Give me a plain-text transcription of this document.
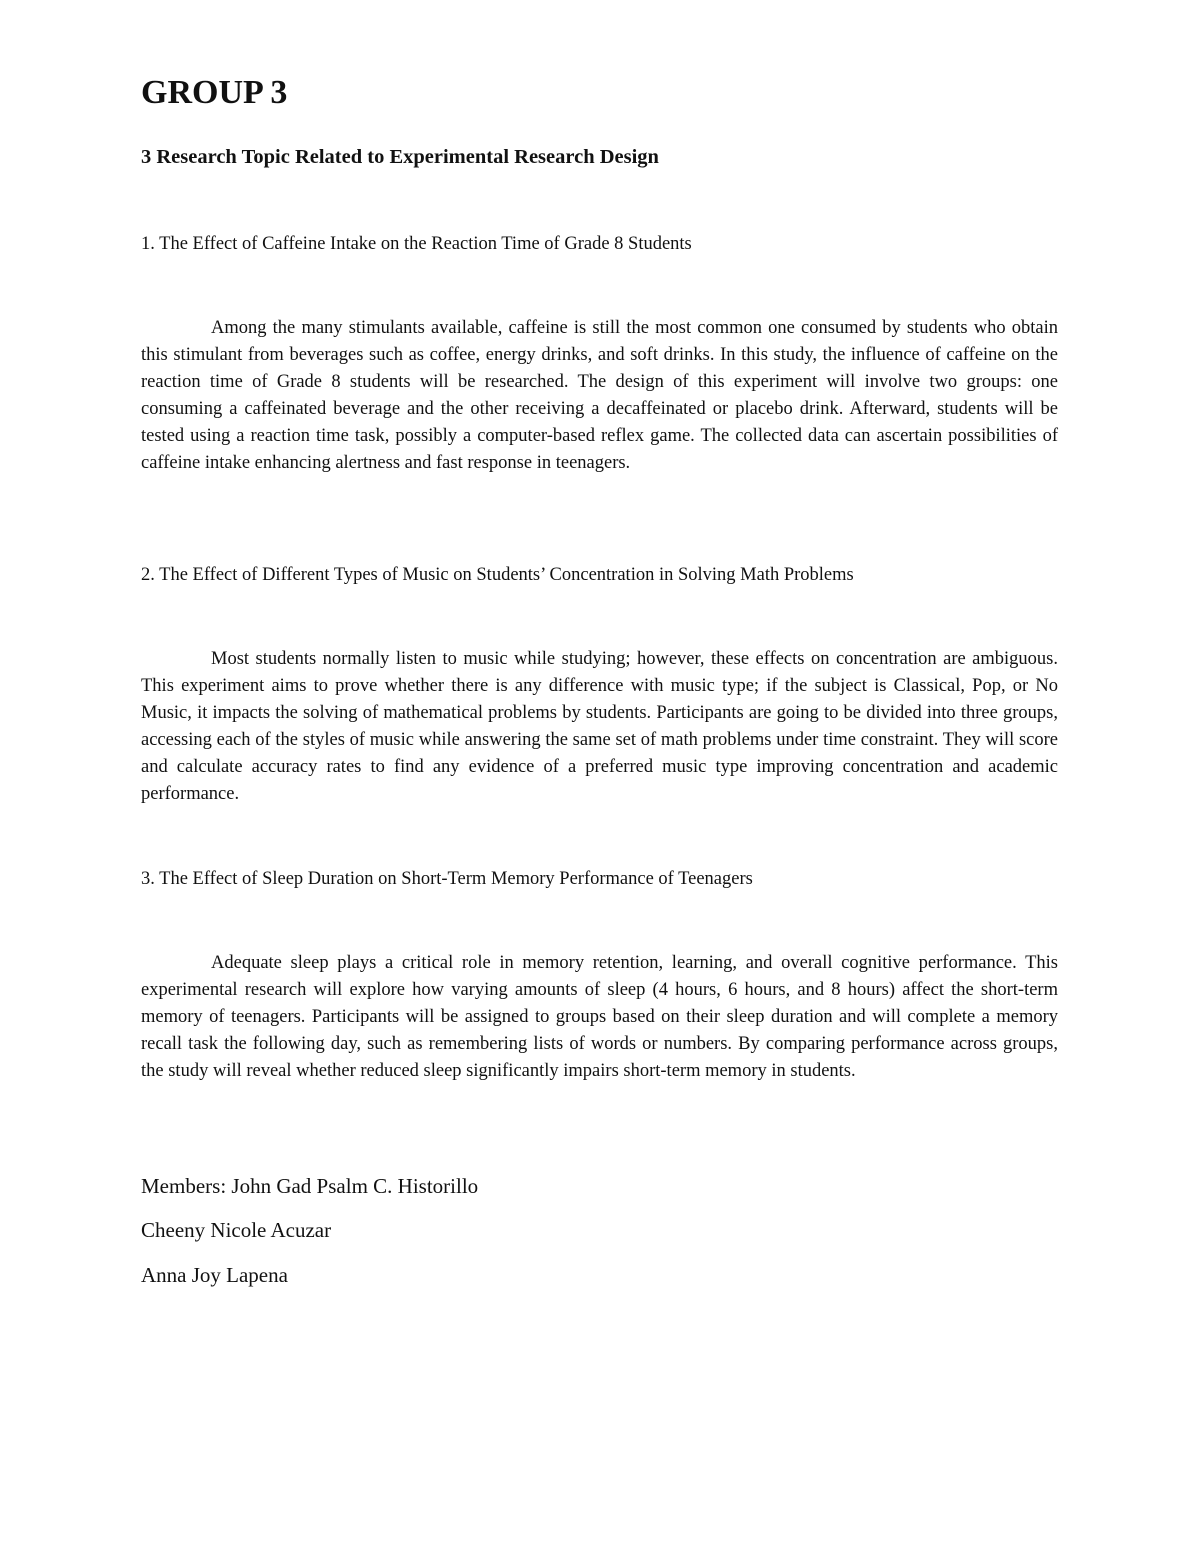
GROUP 3
3 Research Topic Related to Experimental Research Design

1. The Effect of Caffeine Intake on the Reaction Time of Grade 8 Students

Among the many stimulants available, caffeine is still the most common one consumed by students who obtain this stimulant from beverages such as coffee, energy drinks, and soft drinks. In this study, the influence of caffeine on the reaction time of Grade 8 students will be researched. The design of this experiment will involve two groups: one consuming a caffeinated beverage and the other receiving a decaffeinated or placebo drink. Afterward, students will be tested using a reaction time task, possibly a computer-based reflex game. The collected data can ascertain possibilities of caffeine intake enhancing alertness and fast response in teenagers.

2. The Effect of Different Types of Music on Students’ Concentration in Solving Math Problems

Most students normally listen to music while studying; however, these effects on concentration are ambiguous. This experiment aims to prove whether there is any difference with music type; if the subject is Classical, Pop, or No Music, it impacts the solving of mathematical problems by students. Participants are going to be divided into three groups, accessing each of the styles of music while answering the same set of math problems under time constraint. They will score and calculate accuracy rates to find any evidence of a preferred music type improving concentration and academic performance.

3. The Effect of Sleep Duration on Short-Term Memory Performance of Teenagers

Adequate sleep plays a critical role in memory retention, learning, and overall cognitive performance. This experimental research will explore how varying amounts of sleep (4 hours, 6 hours, and 8 hours) affect the short-term memory of teenagers. Participants will be assigned to groups based on their sleep duration and will complete a memory recall task the following day, such as remembering lists of words or numbers. By comparing performance across groups, the study will reveal whether reduced sleep significantly impairs short-term memory in students.

Members: John Gad Psalm C. Historillo

Cheeny Nicole Acuzar

Anna Joy Lapena
